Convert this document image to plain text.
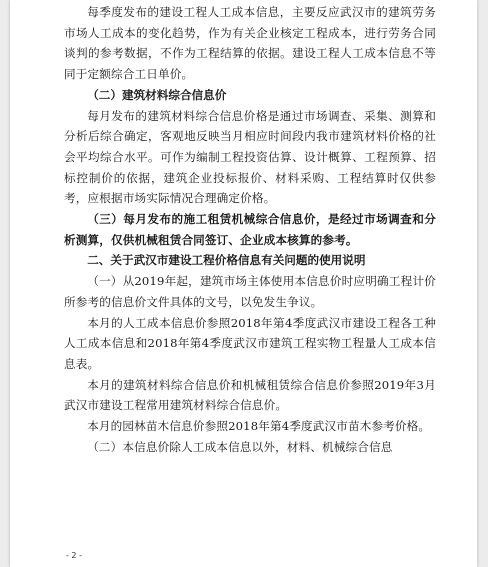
每季度发布的建设工程人工成本信息，主要反应武汉市的建筑劳务市场人工成本的变化趋势，作为有关企业核定工程成本，进行劳务合同谈判的参考数据，不作为工程结算的依据。建设工程人工成本信息不等同于定额综合工日单价。

（二）建筑材料综合信息价

每月发布的建筑材料综合信息价格是通过市场调查、采集、测算和分析后综合确定，客观地反映当月相应时间段内我市建筑材料价格的社会平均综合水平。可作为编制工程投资估算、设计概算、工程预算、招标控制价的依据，建筑企业投标报价、材料采购、工程结算时仅供参考，应根据市场实际情况合理确定价格。

（三）每月发布的施工租赁机械综合信息价，是经过市场调查和分析测算，仅供机械租赁合同签订、企业成本核算的参考。

二、关于武汉市建设工程价格信息有关问题的使用说明

（一）从2019年起，建筑市场主体使用本信息价时应明确工程计价所参考的信息价文件具体的文号，以免发生争议。

本月的人工成本信息价参照2018年第4季度武汉市建设工程各工种人工成本信息和2018年第4季度武汉市建筑工程实物工程量人工成本信息表。

本月的建筑材料综合信息价和机械租赁综合信息价参照2019年3月武汉市建设工程常用建筑材料综合信息价。

本月的园林苗木信息价参照2018年第4季度武汉市苗木参考价格。

（二）本信息价除人工成本信息以外，材料、机械综合信息

- 2 -
